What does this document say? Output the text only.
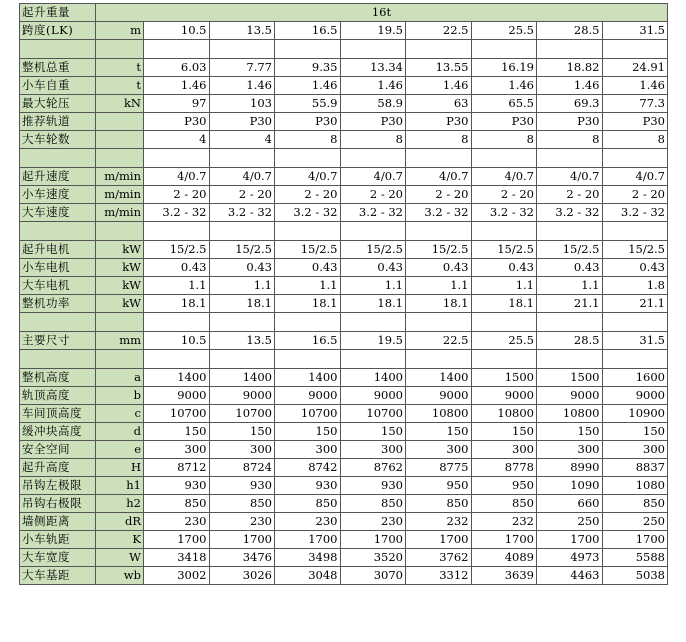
起升重量	16t								
跨度(LK)	m	10.5	13.5	16.5	19.5	22.5	25.5	28.5	31.5

整机总重	t	6.03	7.77	9.35	13.34	13.55	16.19	18.82	24.91
小车自重	t	1.46	1.46	1.46	1.46	1.46	1.46	1.46	1.46
最大轮压	kN	97	103	55.9	58.9	63	65.5	69.3	77.3
推荐轨道		P30	P30	P30	P30	P30	P30	P30	P30
大车轮数		4	4	8	8	8	8	8	8

起升速度	m/min	4/0.7	4/0.7	4/0.7	4/0.7	4/0.7	4/0.7	4/0.7	4/0.7
小车速度	m/min	2 - 20	2 - 20	2 - 20	2 - 20	2 - 20	2 - 20	2 - 20	2 - 20
大车速度	m/min	3.2 - 32	3.2 - 32	3.2 - 32	3.2 - 32	3.2 - 32	3.2 - 32	3.2 - 32	3.2 - 32

起升电机	kW	15/2.5	15/2.5	15/2.5	15/2.5	15/2.5	15/2.5	15/2.5	15/2.5
小车电机	kW	0.43	0.43	0.43	0.43	0.43	0.43	0.43	0.43
大车电机	kW	1.1	1.1	1.1	1.1	1.1	1.1	1.1	1.8
整机功率	kW	18.1	18.1	18.1	18.1	18.1	18.1	21.1	21.1

主要尺寸	mm	10.5	13.5	16.5	19.5	22.5	25.5	28.5	31.5

整机高度	a	1400	1400	1400	1400	1400	1500	1500	1600
轨顶高度	b	9000	9000	9000	9000	9000	9000	9000	9000
车间顶高度	c	10700	10700	10700	10700	10800	10800	10800	10900
缓冲块高度	d	150	150	150	150	150	150	150	150
安全空间	e	300	300	300	300	300	300	300	300
起升高度	H	8712	8724	8742	8762	8775	8778	8990	8837
吊钩左极限	h1	930	930	930	930	950	950	1090	1080
吊钩右极限	h2	850	850	850	850	850	850	660	850
墙侧距离	dR	230	230	230	230	232	232	250	250
小车轨距	K	1700	1700	1700	1700	1700	1700	1700	1700
大车宽度	W	3418	3476	3498	3520	3762	4089	4973	5588
大车基距	wb	3002	3026	3048	3070	3312	3639	4463	5038
